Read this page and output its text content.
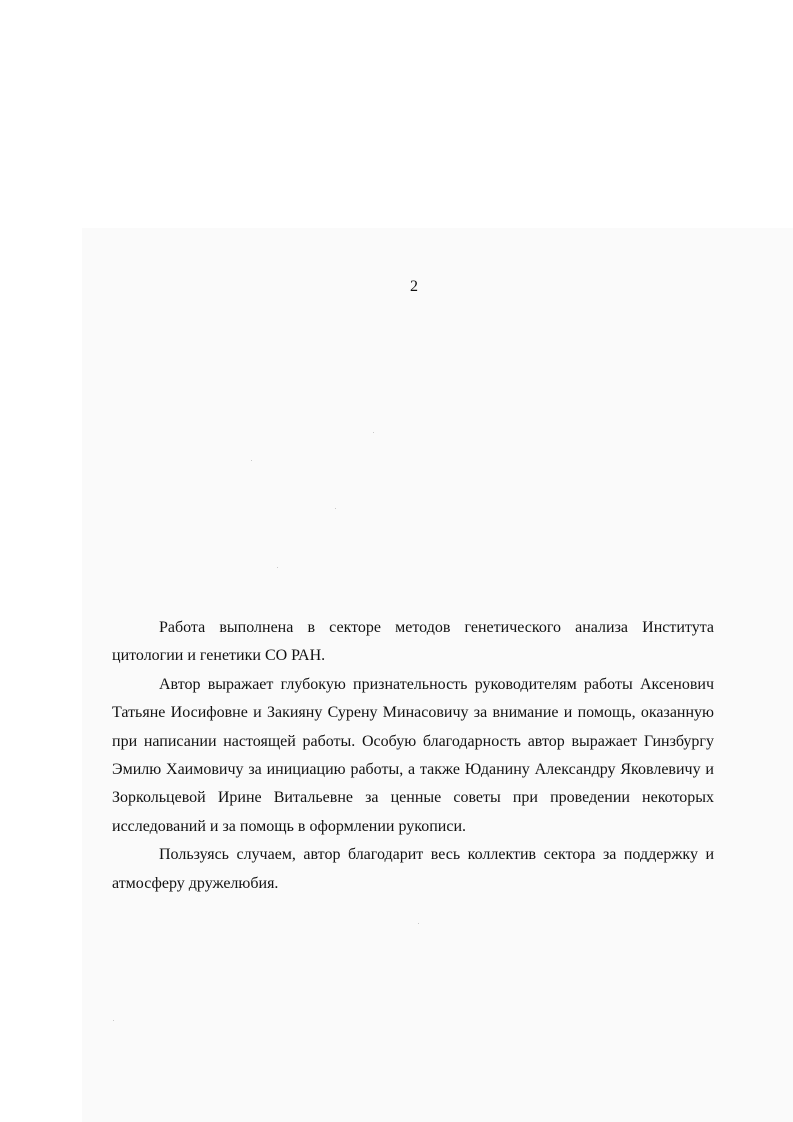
2

Работа выполнена в секторе методов генетического анализа Института цитологии и генетики СО РАН.

Автор выражает глубокую признательность руководителям работы Аксенович Татьяне Иосифовне и Закияну Сурену Минасовичу за внимание и помощь, оказанную при написании настоящей работы. Особую благодарность автор выражает Гинзбургу Эмилю Хаимовичу за инициацию работы, а также Юданину Александру Яковлевичу и Зоркольцевой Ирине Витальевне за ценные советы при проведении некоторых исследований и за помощь в оформлении рукописи.

Пользуясь случаем, автор благодарит весь коллектив сектора за поддержку и атмосферу дружелюбия.
